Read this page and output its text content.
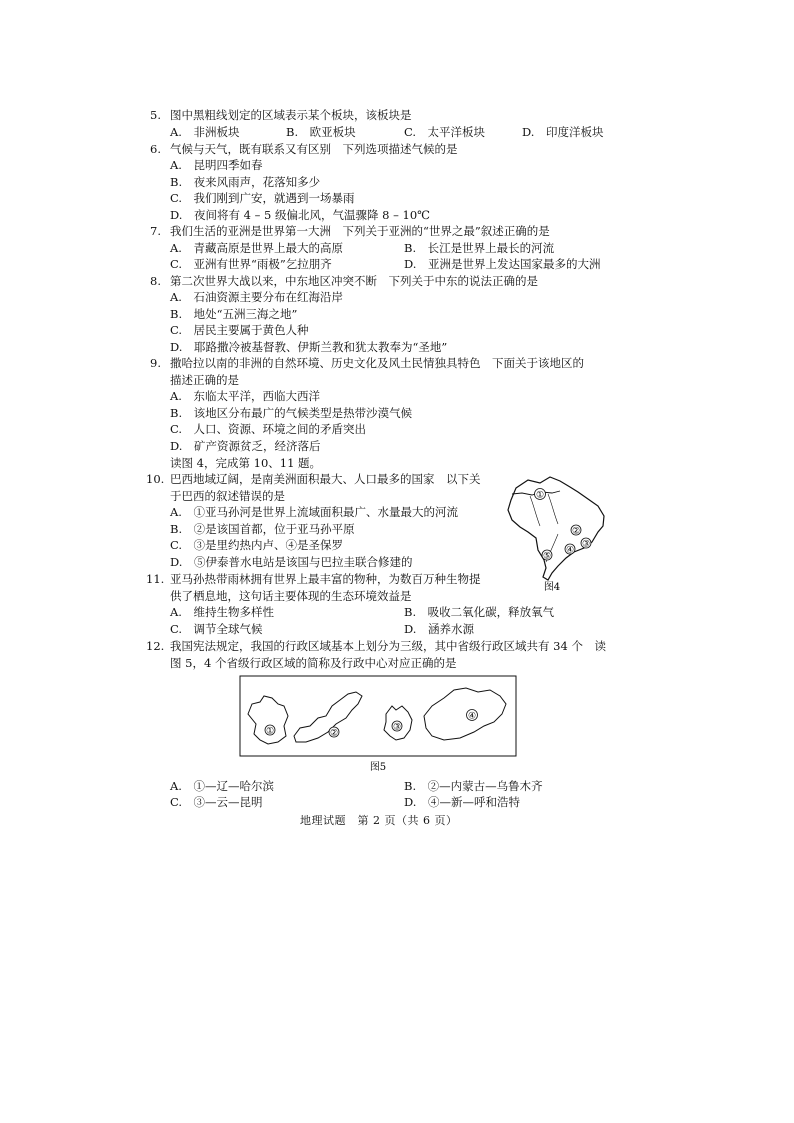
5. 图中黑粗线划定的区域表示某个板块，该板块是
A.　非洲板块	B.　欧亚板块	C.　太平洋板块	D.　印度洋板块
6. 气候与天气，既有联系又有区别　下列选项描述气候的是
A.　昆明四季如春
B.　夜来风雨声，花落知多少
C.　我们刚到广安，就遇到一场暴雨
D.　夜间将有 4 – 5 级偏北风，气温骤降 8 – 10℃
7. 我们生活的亚洲是世界第一大洲　下列关于亚洲的“世界之最”叙述正确的是
A.　青藏高原是世界上最大的高原	B.　长江是世界上最长的河流
C.　亚洲有世界“雨极”乞拉朋齐	D.　亚洲是世界上发达国家最多的大洲
8. 第二次世界大战以来，中东地区冲突不断　下列关于中东的说法正确的是
A.　石油资源主要分布在红海沿岸
B.　地处“五洲三海之地”
C.　居民主要属于黄色人种
D.　耶路撒冷被基督教、伊斯兰教和犹太教奉为“圣地”
9. 撒哈拉以南的非洲的自然环境、历史文化及风土民情独具特色　下面关于该地区的
描述正确的是
A.　东临太平洋，西临大西洋
B.　该地区分布最广的气候类型是热带沙漠气候
C.　人口、资源、环境之间的矛盾突出
D.　矿产资源贫乏，经济落后
读图 4，完成第 10、11 题。
10. 巴西地域辽阔，是南美洲面积最大、人口最多的国家　以下关
于巴西的叙述错误的是
A.　①亚马孙河是世界上流域面积最广、水量最大的河流
B.　②是该国首都，位于亚马孙平原
C.　③是里约热内卢、④是圣保罗
D.　⑤伊泰普水电站是该国与巴拉圭联合修建的
①
②
③
④
⑤
图4
11. 亚马孙热带雨林拥有世界上最丰富的物种，为数百万种生物提
供了栖息地，这句话主要体现的生态环境效益是
A.　维持生物多样性	B.　吸收二氧化碳，释放氧气
C.　调节全球气候	D.　涵养水源
12. 我国宪法规定，我国的行政区域基本上划分为三级，其中省级行政区域共有 34 个　读
图 5，4 个省级行政区域的简称及行政中心对应正确的是
①	②
③
④
图5
A.　①—辽—哈尔滨	B.　②—内蒙古—乌鲁木齐
C.　③—云—昆明	D.　④—新—呼和浩特
地理试题　第 2 页（共 6 页）
